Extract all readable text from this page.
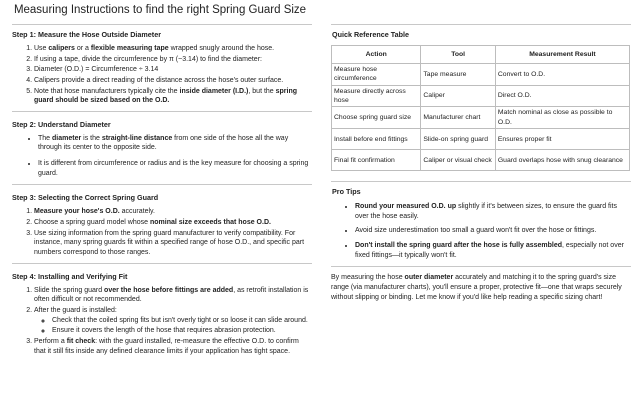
Measuring Instructions to find the right Spring Guard Size
Step 1: Measure the Hose Outside Diameter
1. Use calipers or a flexible measuring tape wrapped snugly around the hose.
2. If using a tape, divide the circumference by π (~3.14) to find the diameter:
3. Diameter (O.D.) = Circumference ÷ 3.14
4. Calipers provide a direct reading of the distance across the hose's outer surface.
5. Note that hose manufacturers typically cite the inside diameter (I.D.), but the spring guard should be sized based on the O.D.
Step 2: Understand Diameter
• The diameter is the straight-line distance from one side of the hose all the way through its center to the opposite side.
• It is different from circumference or radius and is the key measure for choosing a spring guard.
Step 3: Selecting the Correct Spring Guard
1. Measure your hose's O.D. accurately.
2. Choose a spring guard model whose nominal size exceeds that hose O.D.
3. Use sizing information from the spring guard manufacturer to verify compatibility. For instance, many spring guards fit within a specified range of hose O.D., and specific part numbers correspond to those ranges.
Step 4: Installing and Verifying Fit
1. Slide the spring guard over the hose before fittings are added, as retrofit installation is often difficult or not recommended.
2. After the guard is installed:
◦ Check that the coiled spring fits but isn't overly tight or so loose it can slide around.
◦ Ensure it covers the length of the hose that requires abrasion protection.
3. Perform a fit check: with the guard installed, re-measure the effective O.D. to confirm that it still fits inside any defined clearance limits if your application has tight space.
Quick Reference Table
Action	Tool	Measurement Result
Measure hose circumference	Tape measure	Convert to O.D.
Measure directly across hose	Caliper	Direct O.D.
Choose spring guard size	Manufacturer chart	Match nominal as close as possible to O.D.
Install before end fittings	Slide-on spring guard	Ensures proper fit
Final fit confirmation	Caliper or visual check	Guard overlaps hose with snug clearance
Pro Tips
• Round your measured O.D. up slightly if it's between sizes, to ensure the guard fits over the hose easily.
• Avoid size underestimation too small a guard won't fit over the hose or fittings.
• Don't install the spring guard after the hose is fully assembled, especially not over fixed fittings—it typically won't fit.

By measuring the hose outer diameter accurately and matching it to the spring guard's size range (via manufacturer charts), you'll ensure a proper, protective fit—one that wraps securely without slipping or binding. Let me know if you'd like help reading a specific sizing chart!
